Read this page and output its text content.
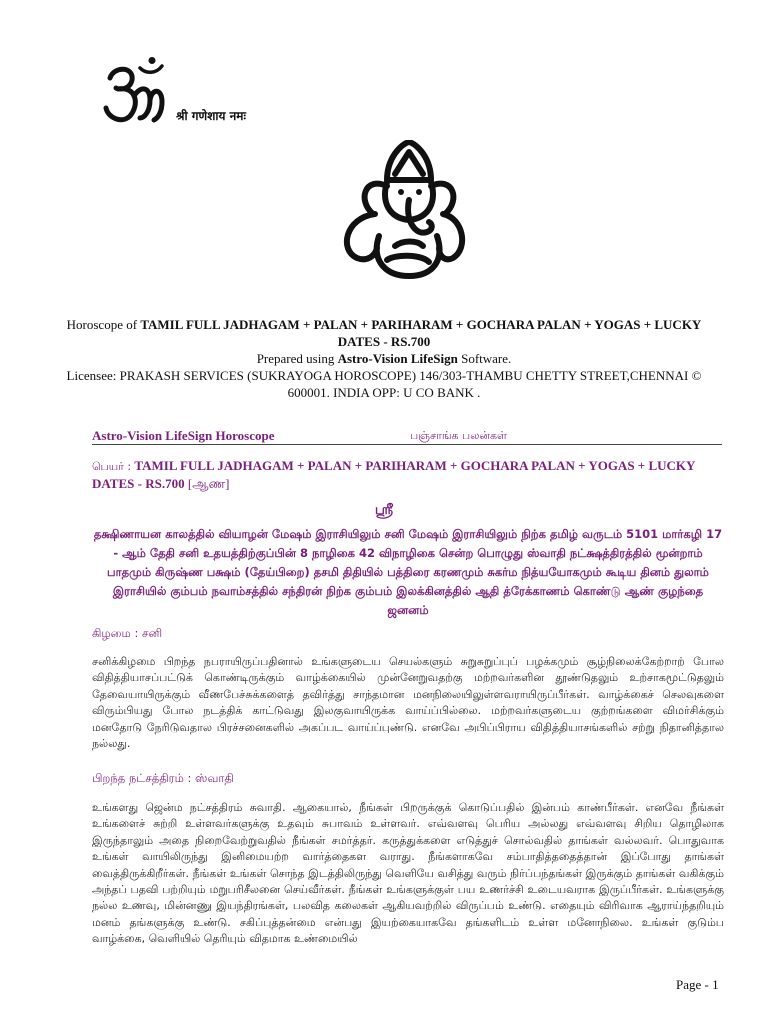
श्री गणेशाय नमः
Horoscope of TAMIL FULL JADHAGAM + PALAN + PARIHARAM + GOCHARA PALAN + YOGAS + LUCKY DATES - RS.700
Prepared using Astro-Vision LifeSign Software.
Licensee: PRAKASH SERVICES (SUKRAYOGA HOROSCOPE) 146/303-THAMBU CHETTY STREET,CHENNAI © 600001. INDIA OPP: U CO BANK .
Astro-Vision LifeSign Horoscope	பஞ்சாங்க பலன்கள்
பெயர் : TAMIL FULL JADHAGAM + PALAN + PARIHARAM + GOCHARA PALAN + YOGAS + LUCKY DATES - RS.700 [ஆண]
ஸ்ரீ
தக்ஷிணாயன காலத்தில் வியாழன் மேஷம் இராசியிலும் சனி மேஷம் இராசியிலும் நிற்க தமிழ் வருடம் 5101 மார்கழி 17 - ஆம் தேதி சனி உதயத்திற்குப்பின் 8 நாழிகை 42 விநாழிகை சென்ற பொழுது ஸ்வாதி நட்க்ஷத்திரத்தில் மூன்றாம் பாதமும் கிருஷ்ண பக்ஷம் (தேய்பிறை) தசமி திதியில் பத்திரை கரணமும் சுகர்ம நித்யயோகமும் கூடிய தினம் துலாம் இராசியில் கும்பம் நவாம்சத்தில் சந்திரன் நிற்க கும்பம் இலக்கினத்தில் ஆதி த்ரேக்காணம் கொண்டு ஆண் குழந்தை ஜனனம்
கிழமை : சனி

சனிக்கிழமை பிறந்த நபராயிருப்பதினால் உங்களுடைய செயல்களும் சுறுசுறுப்புப் பழக்கமும் சூழ்நிலைக்கேற்றாற் போல விதித்தியாசப்பட்டுக் கொண்டிருக்கும் வாழ்க்கையில் முன்னேறுவதற்கு மற்றவர்களின தூண்டுதலும் உற்சாகமூட்டுதலும் தேவையாயிருக்கும் வீணபேச்சுக்களைத் தவிர்த்து சாந்தமான மனநிலையிலுள்ளவராயிருப்பீர்கள். வாழ்க்கைச் செலவுகளை விரும்பியது போல நடத்திக் காட்டுவது இலகுவாயிருக்க வாய்ப்பில்லை. மற்றவர்களுடைய குற்றங்களை விமர்சிக்கும் மனதோடு நேரிடுவதால பிரச்சனைகளில் அகப்பட வாய்ப்புண்டு. எனவே அபிப்பிராய விதித்தியாசங்களில் சற்று நிதானித்தால நல்லது.

பிறந்த நட்சத்திரம் : ஸ்வாதி

உங்களது ஜென்ம நட்சத்திரம் சுவாதி. ஆகையால், நீங்கள் பிறருக்குக் கொடுப்பதில் இன்பம் காண்பீர்கள். எனவே நீங்கள் உங்களைச் சுற்றி உள்ளவர்களுக்கு உதவும் சுபாவம் உள்ளவர். எவ்வளவு பெரிய அல்லது எவ்வளவு சிறிய தொழிலாக இருந்தாலும் அதை நிறைவேற்றுவதில் நீங்கள் சமர்த்தர். கருத்துக்களை எடுத்துச் சொல்வதில் தாங்கள் வல்லவர். பொதுவாக உங்கள் வாயிலிருந்து இனிமையற்ற வார்த்தைகள வராது. நீங்களாகவே சம்பாதித்ததைத்தான் இப்போது தாங்கள் வைத்திருக்கிறீர்கள். நீங்கள் உங்கள் சொந்த இடத்திலிருந்து வெளியே வசித்து வரும் நிர்ப்பந்தங்கள் இருக்கும் தாங்கள் வகிக்கும் அந்தப் பதவி பற்றியும் மறுபரிசீலனை செய்வீர்கள். நீங்கள் உங்களுக்குள் பய உணர்ச்சி உடையவராக இருப்பீர்கள். உங்களுக்கு நல்ல உணவு, மின்னணு இயந்திரங்கள், பலவித கலைகள் ஆகியவற்றில் விருப்பம் உண்டு. எதையும் விரிவாக ஆராய்ந்தறியும் மனம் தங்களுக்கு உண்டு. சகிப்புத்தன்மை என்பது இயற்கையாகவே தங்களிடம் உள்ள மனோநிலை. உங்கள் குடும்ப வாழ்க்கை, வெளியில் தெரியும் விதமாக உண்மையில்

Page - 1
